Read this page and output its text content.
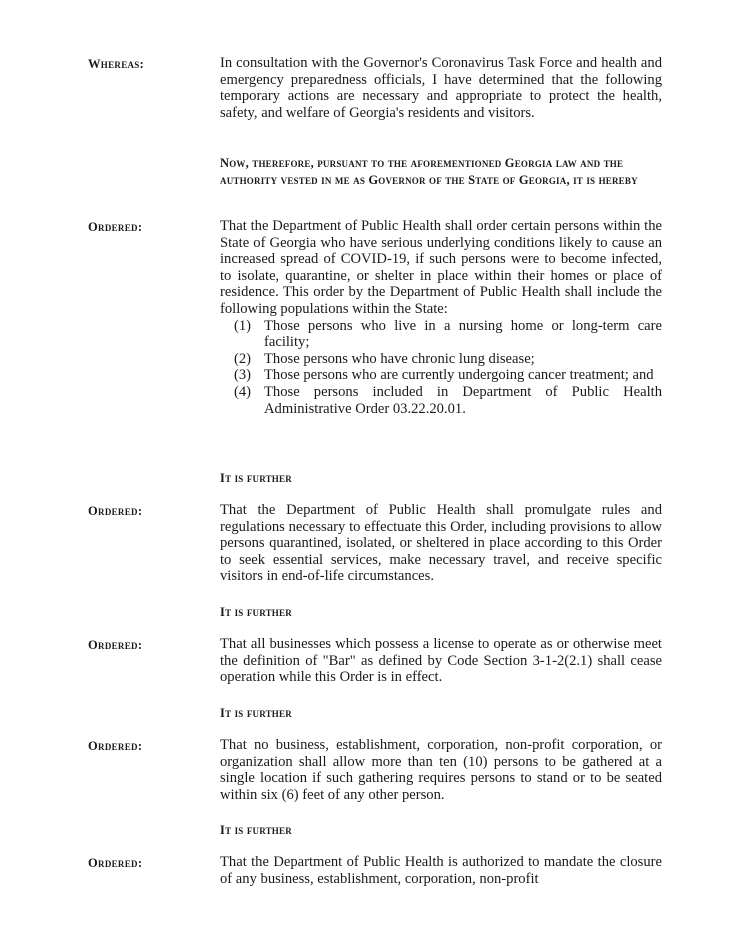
Whereas:	In consultation with the Governor's Coronavirus Task Force and health and emergency preparedness officials, I have determined that the following temporary actions are necessary and appropriate to protect the health, safety, and welfare of Georgia's residents and visitors.

Now, therefore, pursuant to the aforementioned Georgia law and the authority vested in me as Governor of the State of Georgia, it is hereby
Ordered:	That the Department of Public Health shall order certain persons within the State of Georgia who have serious underlying conditions likely to cause an increased spread of COVID-19, if such persons were to become infected, to isolate, quarantine, or shelter in place within their homes or place of residence. This order by the Department of Public Health shall include the following populations within the State:

(1) Those persons who live in a nursing home or long-term care facility;
(2) Those persons who have chronic lung disease;
(3) Those persons who are currently undergoing cancer treatment; and
(4) Those persons included in Department of Public Health Administrative Order 03.22.20.01.
It is further
Ordered:	That the Department of Public Health shall promulgate rules and regulations necessary to effectuate this Order, including provisions to allow persons quarantined, isolated, or sheltered in place according to this Order to seek essential services, make necessary travel, and receive specific visitors in end-of-life circumstances.

It is further
Ordered:	That all businesses which possess a license to operate as or otherwise meet the definition of "Bar" as defined by Code Section 3-1-2(2.1) shall cease operation while this Order is in effect.

It is further
Ordered:	That no business, establishment, corporation, non-profit corporation, or organization shall allow more than ten (10) persons to be gathered at a single location if such gathering requires persons to stand or to be seated within six (6) feet of any other person.

It is further
Ordered:	That the Department of Public Health is authorized to mandate the closure of any business, establishment, corporation, non-profit
